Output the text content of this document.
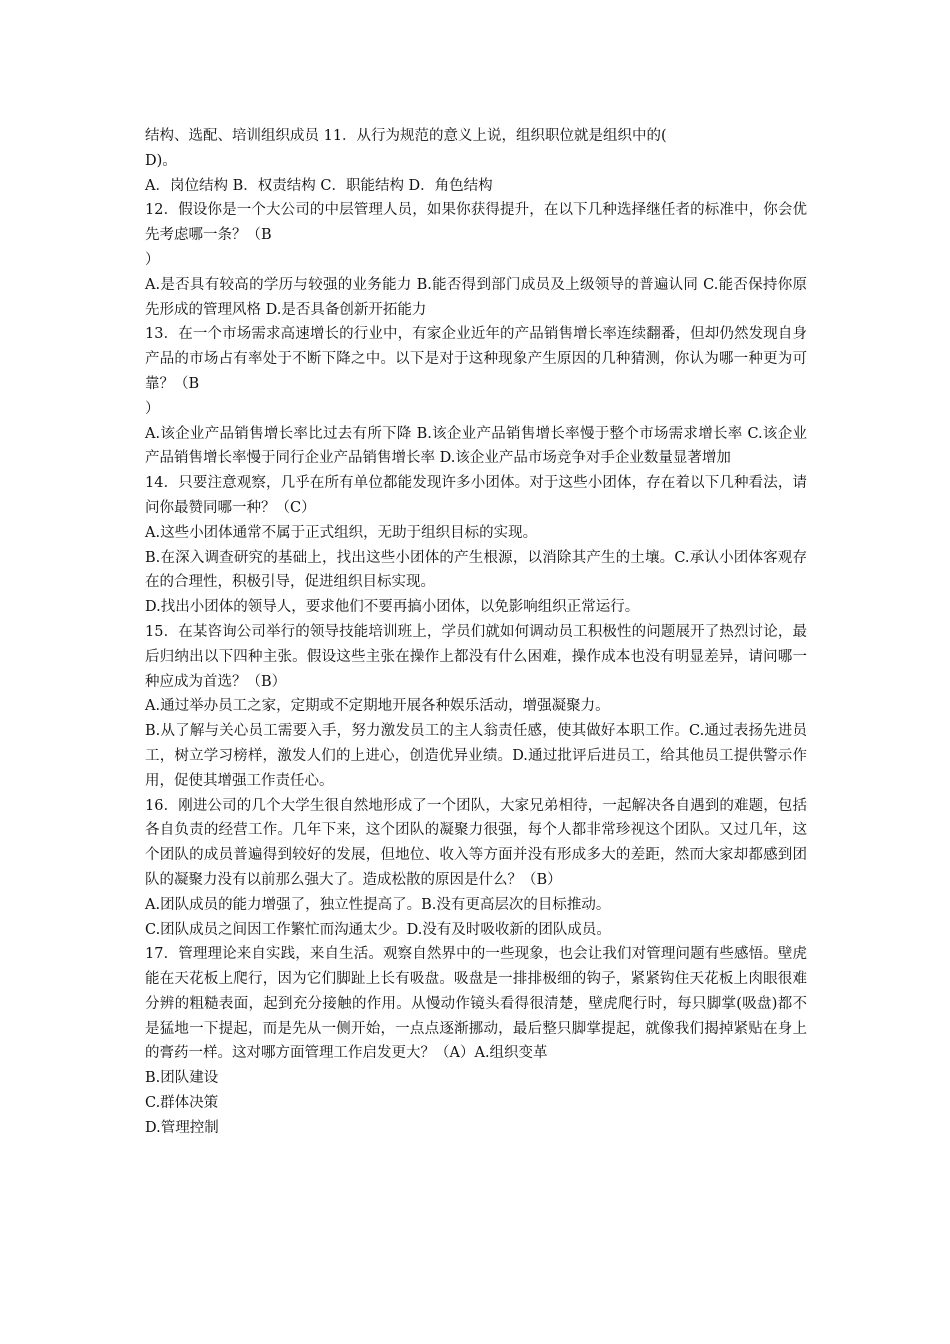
结构、选配、培训组织成员 11．从行为规范的意义上说，组织职位就是组织中的(

D)。

A．岗位结构 B．权责结构 C．职能结构 D．角色结构

12．假设你是一个大公司的中层管理人员，如果你获得提升，在以下几种选择继任者的标准中，你会优先考虑哪一条？（B

）

A.是否具有较高的学历与较强的业务能力 B.能否得到部门成员及上级领导的普遍认同 C.能否保持你原先形成的管理风格 D.是否具备创新开拓能力

13．在一个市场需求高速增长的行业中，有家企业近年的产品销售增长率连续翻番，但却仍然发现自身产品的市场占有率处于不断下降之中。以下是对于这种现象产生原因的几种猜测，你认为哪一种更为可靠？（B

）

A.该企业产品销售增长率比过去有所下降 B.该企业产品销售增长率慢于整个市场需求增长率 C.该企业产品销售增长率慢于同行企业产品销售增长率 D.该企业产品市场竞争对手企业数量显著增加

14．只要注意观察，几乎在所有单位都能发现许多小团体。对于这些小团体，存在着以下几种看法，请问你最赞同哪一种？（C）

A.这些小团体通常不属于正式组织，无助于组织目标的实现。

B.在深入调查研究的基础上，找出这些小团体的产生根源，以消除其产生的土壤。C.承认小团体客观存在的合理性，积极引导，促进组织目标实现。

D.找出小团体的领导人，要求他们不要再搞小团体，以免影响组织正常运行。

15．在某咨询公司举行的领导技能培训班上，学员们就如何调动员工积极性的问题展开了热烈讨论，最后归纳出以下四种主张。假设这些主张在操作上都没有什么困难，操作成本也没有明显差异，请问哪一种应成为首选？（B）

A.通过举办员工之家，定期或不定期地开展各种娱乐活动，增强凝聚力。

B.从了解与关心员工需要入手，努力激发员工的主人翁责任感，使其做好本职工作。C.通过表扬先进员工，树立学习榜样，激发人们的上进心，创造优异业绩。D.通过批评后进员工，给其他员工提供警示作用，促使其增强工作责任心。

16．刚进公司的几个大学生很自然地形成了一个团队，大家兄弟相待，一起解决各自遇到的难题，包括各自负责的经营工作。几年下来，这个团队的凝聚力很强，每个人都非常珍视这个团队。又过几年，这个团队的成员普遍得到较好的发展，但地位、收入等方面并没有形成多大的差距，然而大家却都感到团队的凝聚力没有以前那么强大了。造成松散的原因是什么？（B）

A.团队成员的能力增强了，独立性提高了。B.没有更高层次的目标推动。

C.团队成员之间因工作繁忙而沟通太少。D.没有及时吸收新的团队成员。

17．管理理论来自实践，来自生活。观察自然界中的一些现象，也会让我们对管理问题有些感悟。壁虎能在天花板上爬行，因为它们脚趾上长有吸盘。吸盘是一排排极细的钩子，紧紧钩住天花板上肉眼很难分辨的粗糙表面，起到充分接触的作用。从慢动作镜头看得很清楚，壁虎爬行时，每只脚掌(吸盘)都不是猛地一下提起，而是先从一侧开始，一点点逐渐挪动，最后整只脚掌提起，就像我们揭掉紧贴在身上的膏药一样。这对哪方面管理工作启发更大？（A）A.组织变革

B.团队建设

C.群体决策

D.管理控制
